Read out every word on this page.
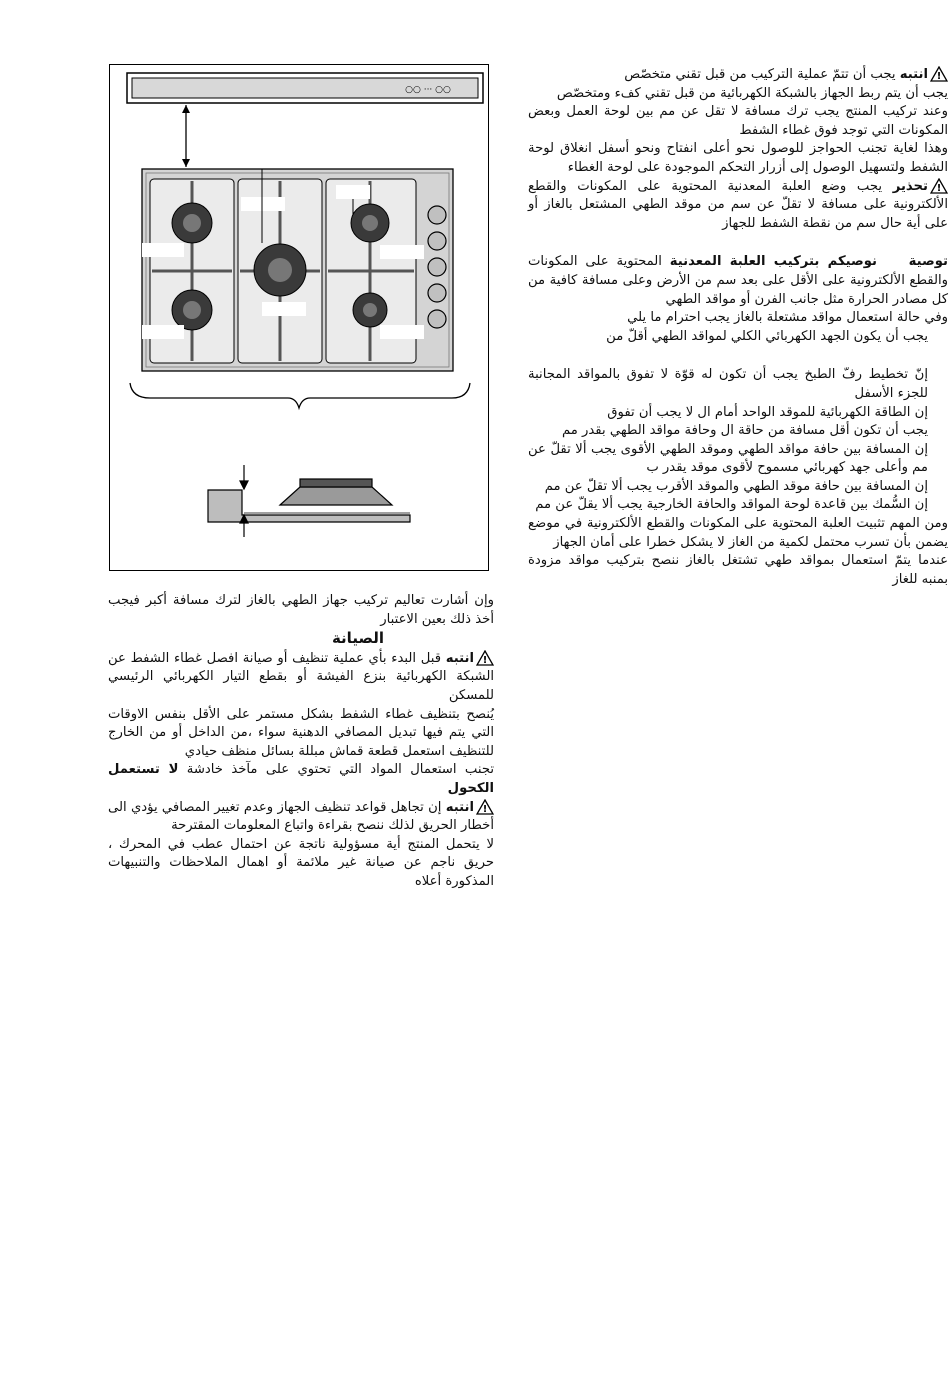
!
انتبه يجب أن تتمّ عملية التركيب من قبل تقني متخصّص

يجب أن يتم ربط الجهاز بالشبكة الكهربائية من قبل تقني كفء ومتخصّص

وعند تركيب المنتج يجب ترك مسافة لا تقل عن مم بين لوحة العمل وبعض المكونات التي توجد فوق غطاء الشفط

وهذا لغاية تجنب الحواجز للوصول نحو أعلى انفتاح ونحو أسفل انغلاق لوحة الشفط ولتسهيل الوصول إلى أزرار التحكم الموجودة على لوحة الغطاء

!
تحذير يجب وضع العلبة المعدنية المحتوية على المكونات والقطع الألكترونية على مسافة لا تقلّ عن سم من موقد الطهي المشتعل بالغاز أو على أية حال سم من نقطة الشفط للجهاز

توصية    نوصيكم بتركيب العلبة المعدنية المحتوية على المكونات والقطع الألكترونية على الأقل على بعد سم من الأرض وعلى مسافة كافية من كل مصادر الحرارة مثل جانب الفرن أو مواقد الطهي

وفي حالة استعمال مواقد مشتعلة بالغاز يجب احترام ما يلي

يجب أن يكون الجهد الكهربائي الكلي لمواقد الطهي أقلّ من

إنّ تخطيط رفّ الطبخ يجب أن تكون له قوّة لا تفوق بالمواقد المجانبة للجزء الأسفل

إن الطاقة الكهربائية للموقد الواحد أمام ال لا يجب أن تفوق

يجب أن تكون أقل مسافة من حاقة ال وحافة مواقد الطهي بقدر مم

إن المسافة بين حافة مواقد الطهي وموقد الطهي الأقوى يجب ألا تقلّ عن مم وأعلى جهد كهربائي مسموح لأقوى موقد يقدر ب

إن المسافة بين حافة موقد الطهي والموقد الأقرب يجب ألا تقلّ عن مم

إن السُّمك بين قاعدة لوحة المواقد والحافة الخارجية يجب ألا يقلّ عن مم

ومن المهم تثبيت العلبة المحتوية على المكونات والقطع الألكترونية في موضع يضمن بأن تسرب محتمل لكمية من الغاز لا يشكل خطرا على أمان الجهاز

عندما يتمّ استعمال بمواقد طهي تشتغل بالغاز ننصح بتركيب مواقد مزودة بمنبه للغاز

○○ ··· ○○

وإن أشارت تعاليم تركيب جهاز الطهي بالغاز لترك مسافة أكبر فيجب أخذ ذلك بعين الاعتبار

الصيانة

!
انتبه قبل البدء بأي عملية تنظيف أو صيانة افصل غطاء الشفط عن الشبكة الكهربائية بنزع الفيشة أو بقطع التيار الكهربائي الرئيسي للمسكن

يُنصح بتنظيف غطاء الشفط بشكل مستمر على الأقل بنفس الاوقات التي يتم فيها تبديل المصافي الدهنية سواء ،من الداخل أو من الخارج للتنظيف استعمل قطعة قماش مبللة بسائل منظف حيادي

تجنب استعمال المواد التي تحتوي على مآخذ خادشة لا تستعمل الكحول

!
انتبه إن تجاهل قواعد تنظيف الجهاز وعدم تغيير المصافي يؤدي الى أخطار الحريق لذلك ننصح بقراءة واتباع المعلومات المقترحة

لا يتحمل المنتج أية مسؤولية ناتجة عن احتمال عطب في المحرك ، حريق ناجم عن صيانة غير ملائمة أو اهمال الملاحظات والتنبيهات المذكورة أعلاه
